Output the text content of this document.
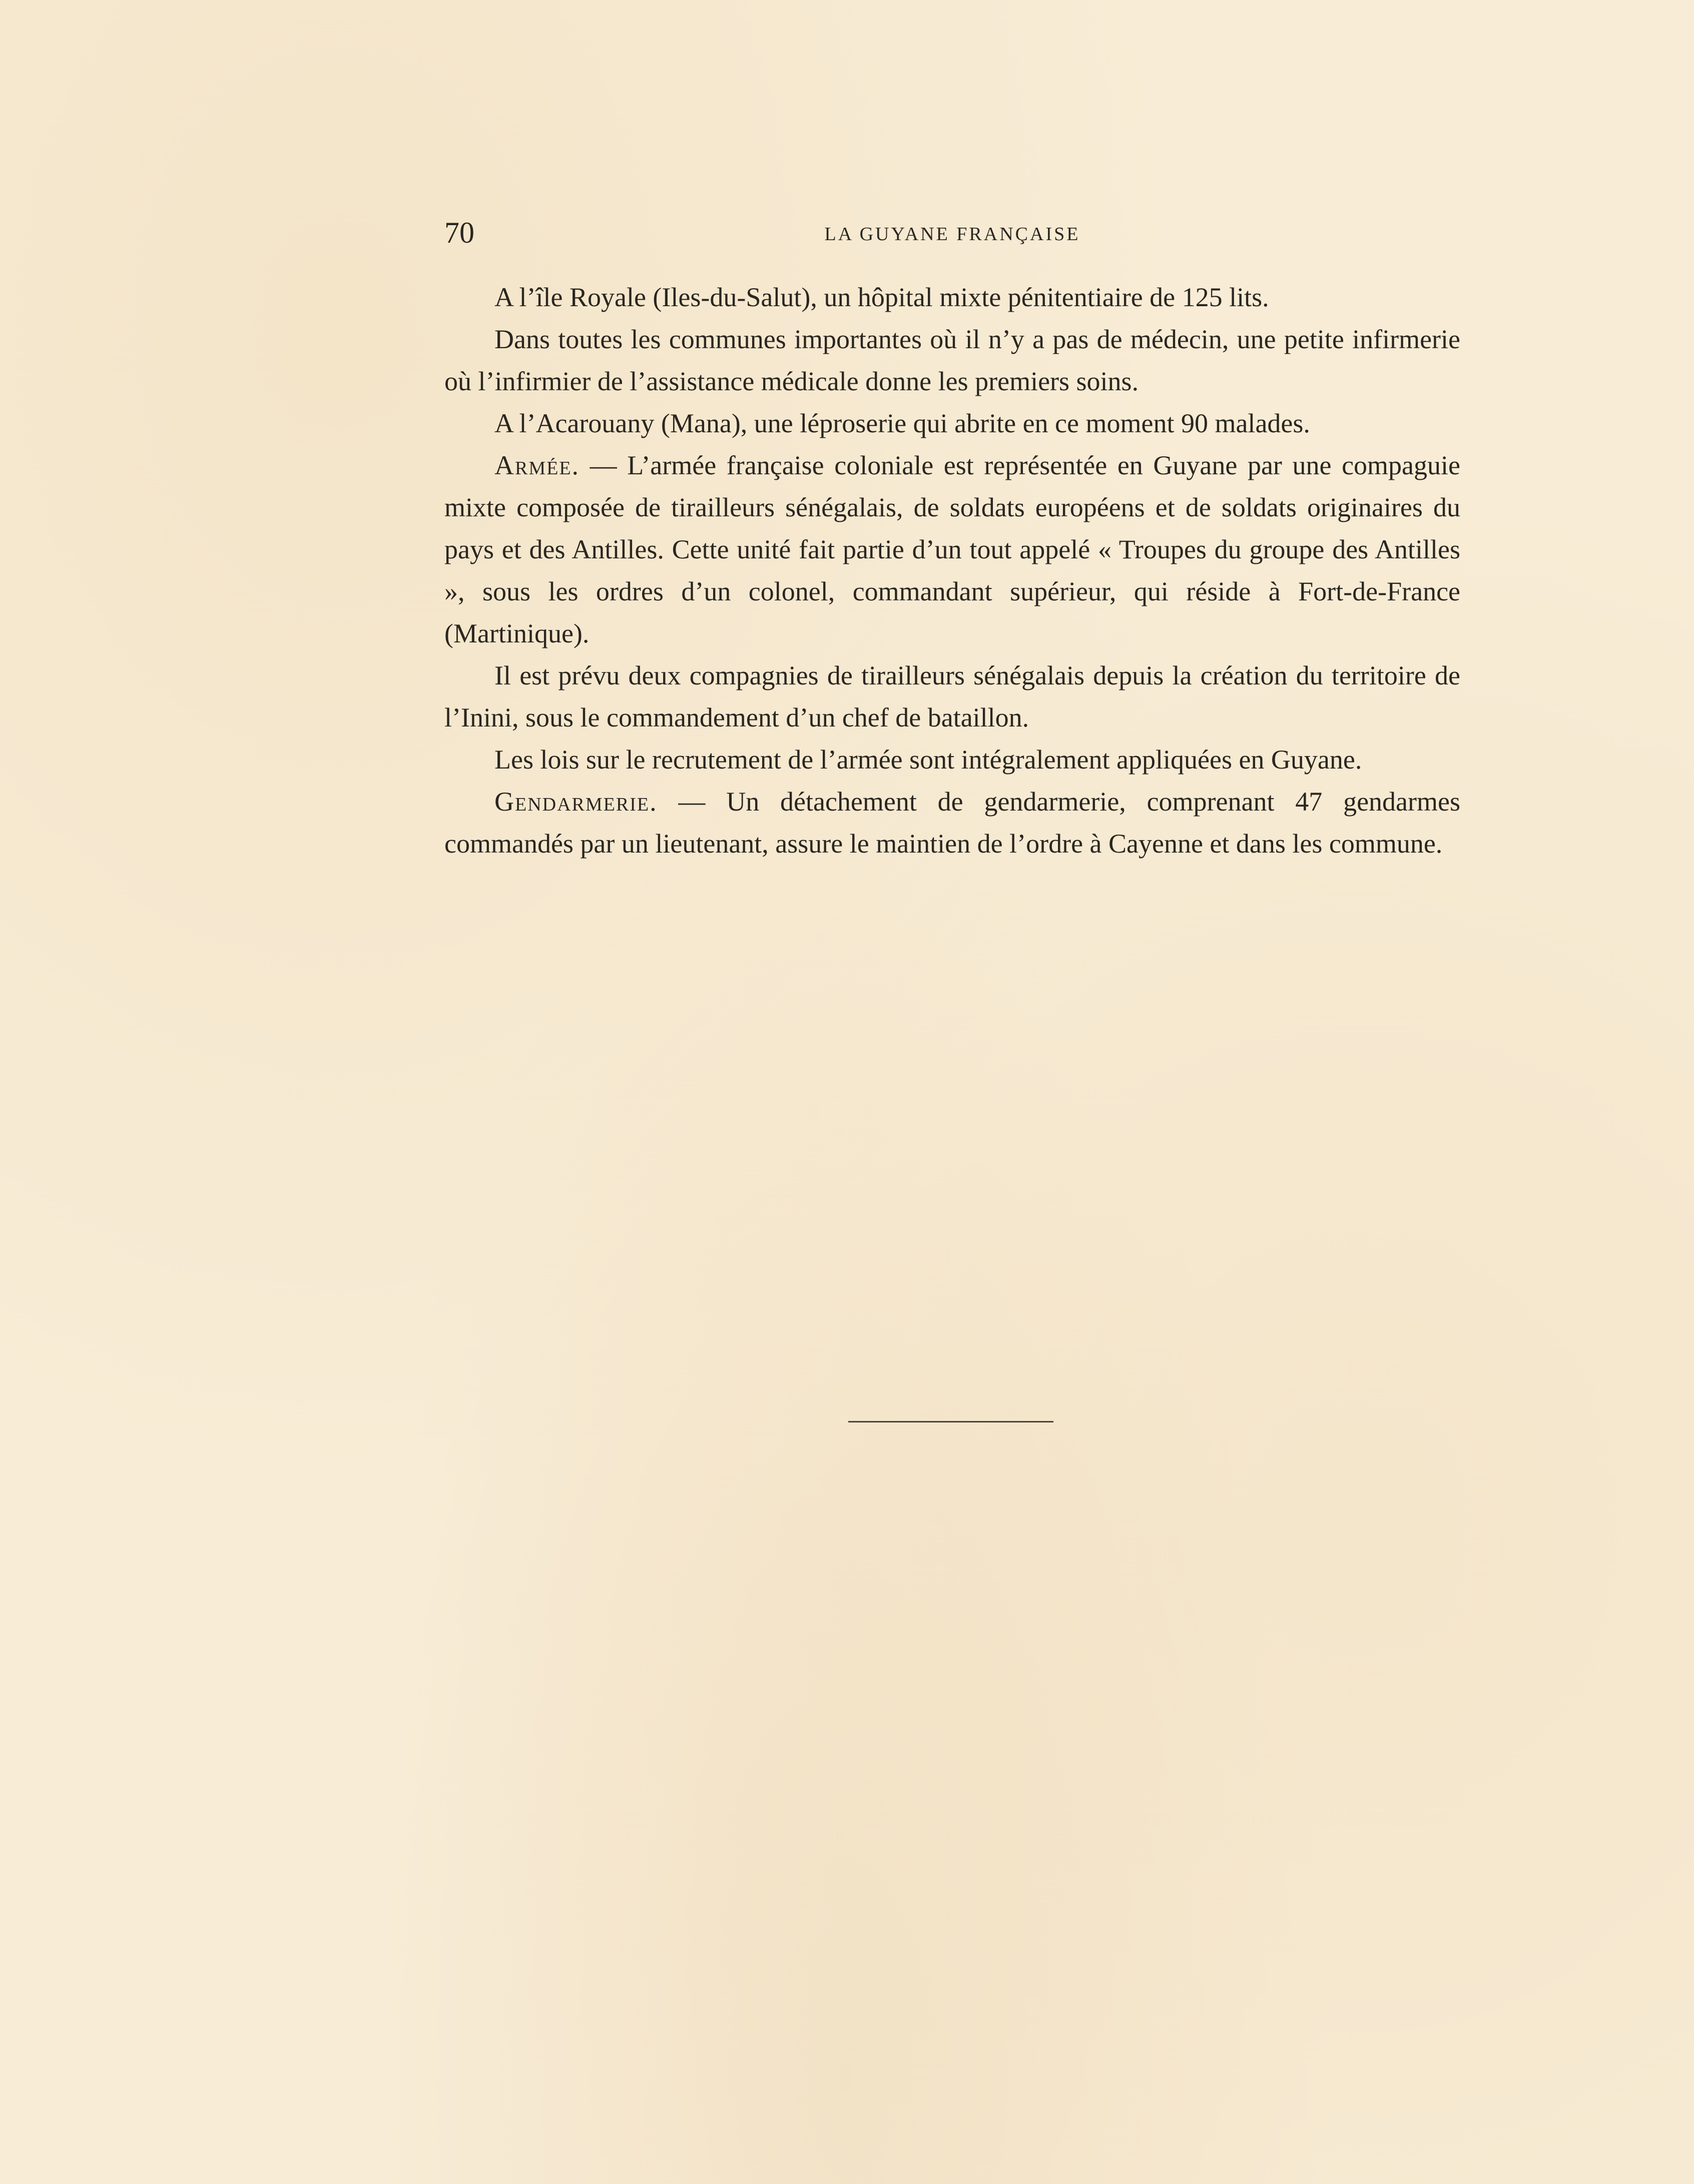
70	LA GUYANE FRANÇAISE

A l’île Royale (Iles-du-Salut), un hôpital mixte pénitentiaire de 125 lits.

Dans toutes les communes importantes où il n’y a pas de médecin, une petite infirmerie où l’infirmier de l’assistance médicale donne les premiers soins.

A l’Acarouany (Mana), une léproserie qui abrite en ce moment 90 malades.

Armée. — L’armée française coloniale est représentée en Guyane par une compaguie mixte composée de tirailleurs sénégalais, de soldats européens et de soldats originaires du pays et des Antilles. Cette unité fait partie d’un tout appelé « Troupes du groupe des Antilles », sous les ordres d’un colonel, commandant supérieur, qui réside à Fort-de-France (Martinique).

Il est prévu deux compagnies de tirailleurs sénégalais depuis la création du territoire de l’Inini, sous le commandement d’un chef de bataillon.

Les lois sur le recrutement de l’armée sont intégralement appliquées en Guyane.

Gendarmerie. — Un détachement de gendarmerie, comprenant 47 gendarmes commandés par un lieutenant, assure le maintien de l’ordre à Cayenne et dans les commune.
